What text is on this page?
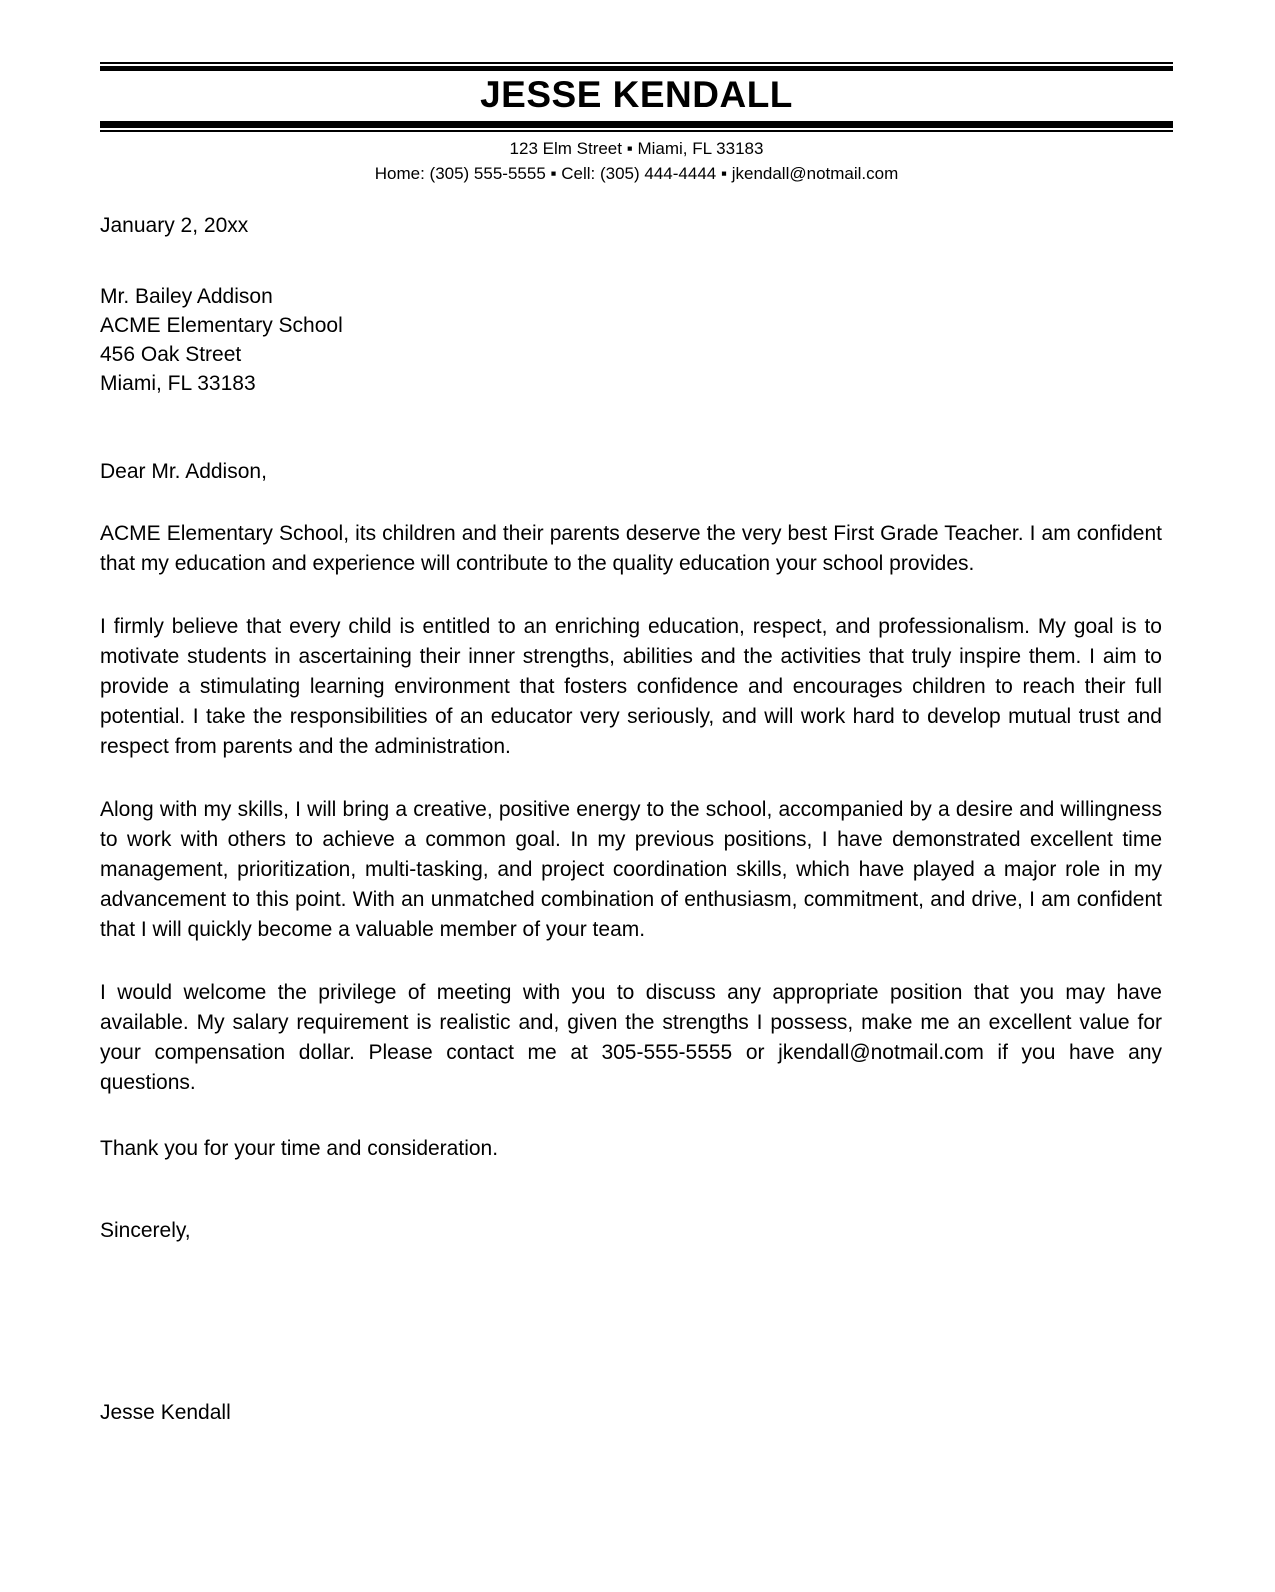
JESSE KENDALL
123 Elm Street ▪ Miami, FL 33183
Home: (305) 555-5555 ▪ Cell: (305) 444-4444 ▪ jkendall@notmail.com

January 2, 20xx

Mr. Bailey Addison

ACME Elementary School

456 Oak Street

Miami, FL 33183

Dear Mr. Addison,

ACME Elementary School, its children and their parents deserve the very best First Grade Teacher. I am confident that my education and experience will contribute to the quality education your school provides.

I firmly believe that every child is entitled to an enriching education, respect, and professionalism. My goal is to motivate students in ascertaining their inner strengths, abilities and the activities that truly inspire them. I aim to provide a stimulating learning environment that fosters confidence and encourages children to reach their full potential. I take the responsibilities of an educator very seriously, and will work hard to develop mutual trust and respect from parents and the administration.

Along with my skills, I will bring a creative, positive energy to the school, accompanied by a desire and willingness to work with others to achieve a common goal. In my previous positions, I have demonstrated excellent time management, prioritization, multi-tasking, and project coordination skills, which have played a major role in my advancement to this point. With an unmatched combination of enthusiasm, commitment, and drive, I am confident that I will quickly become a valuable member of your team.

I would welcome the privilege of meeting with you to discuss any appropriate position that you may have available. My salary requirement is realistic and, given the strengths I possess, make me an excellent value for your compensation dollar. Please contact me at 305-555-5555 or jkendall@notmail.com if you have any questions.

Thank you for your time and consideration.

Sincerely,

Jesse Kendall
